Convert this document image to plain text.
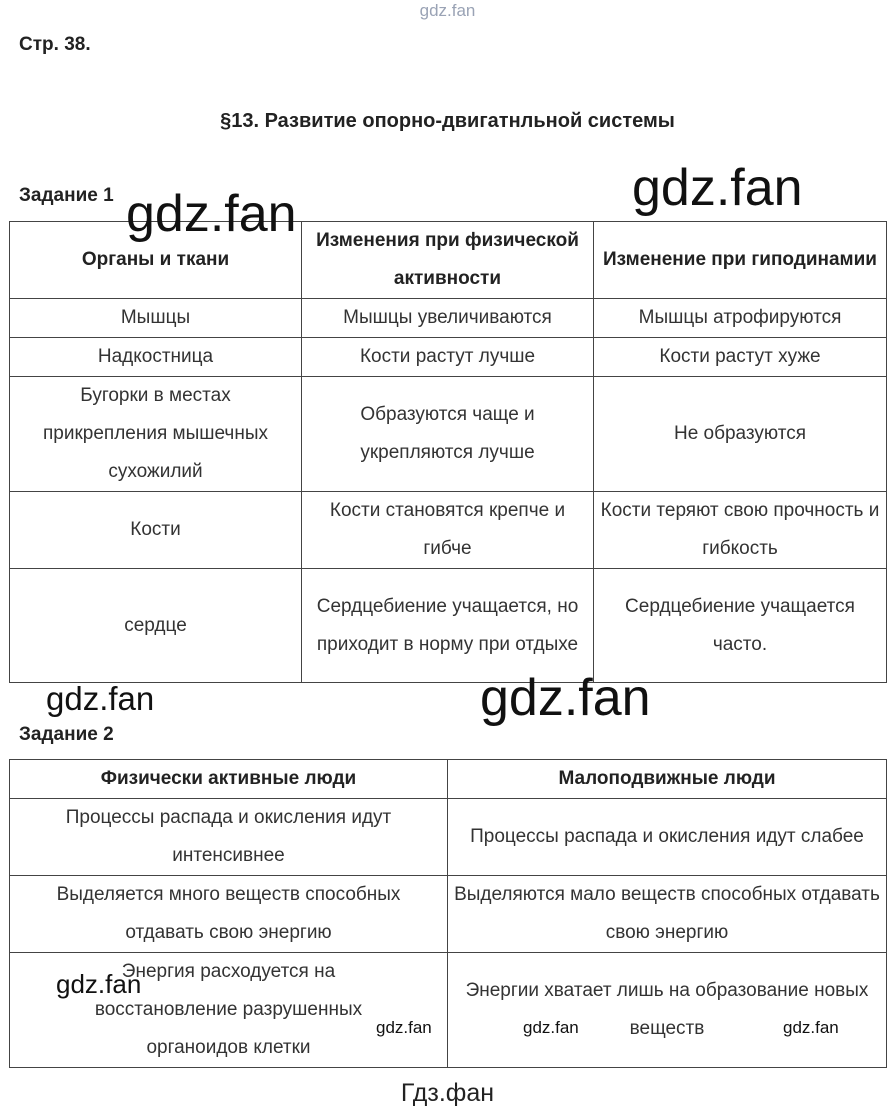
gdz.fan
Стр. 38.
§13. Развитие опорно-двигатнльной системы
Задание 1
Органы и ткани	Изменения при физической активности	Изменение при гиподинамии
Мышцы	Мышцы увеличиваются	Мышцы атрофируются
Надкостница	Кости растут лучше	Кости растут хуже
Бугорки в местах прикрепления мышечных сухожилий	Образуются чаще и укрепляются лучше	Не образуются
Кости	Кости становятся крепче и гибче	Кости теряют свою прочность и гибкость
сердце	Сердцебиение учащается, но приходит в норму при отдыхе	Сердцебиение учащается часто.
Задание 2
Физически активные люди	Малоподвижные люди
Процессы распада и окисления идут интенсивнее	Процессы распада и окисления идут слабее
Выделяется много веществ способных отдавать свою энергию	Выделяются мало веществ способных отдавать свою энергию
Энергия расходуется на восстановление разрушенных органоидов клетки	Энергии хватает лишь на образование новых веществ
gdz.fan
gdz.fan
gdz.fan
gdz.fan
gdz.fan
gdz.fan	gdz.fan	gdz.fan
Гдз.фан
